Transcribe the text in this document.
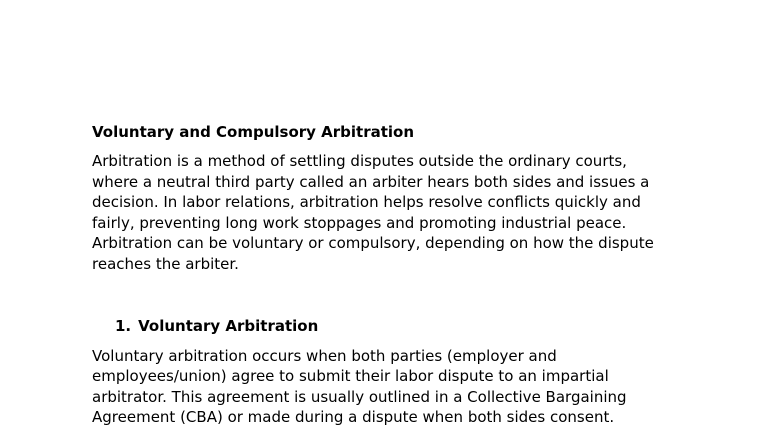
Voluntary and Compulsory Arbitration

Arbitration is a method of settling disputes outside the ordinary courts,
where a neutral third party called an arbiter hears both sides and issues a
decision. In labor relations, arbitration helps resolve conflicts quickly and
fairly, preventing long work stoppages and promoting industrial peace.
Arbitration can be voluntary or compulsory, depending on how the dispute
reaches the arbiter.

1. Voluntary Arbitration

Voluntary arbitration occurs when both parties (employer and
employees/union) agree to submit their labor dispute to an impartial
arbitrator. This agreement is usually outlined in a Collective Bargaining
Agreement (CBA) or made during a dispute when both sides consent.
